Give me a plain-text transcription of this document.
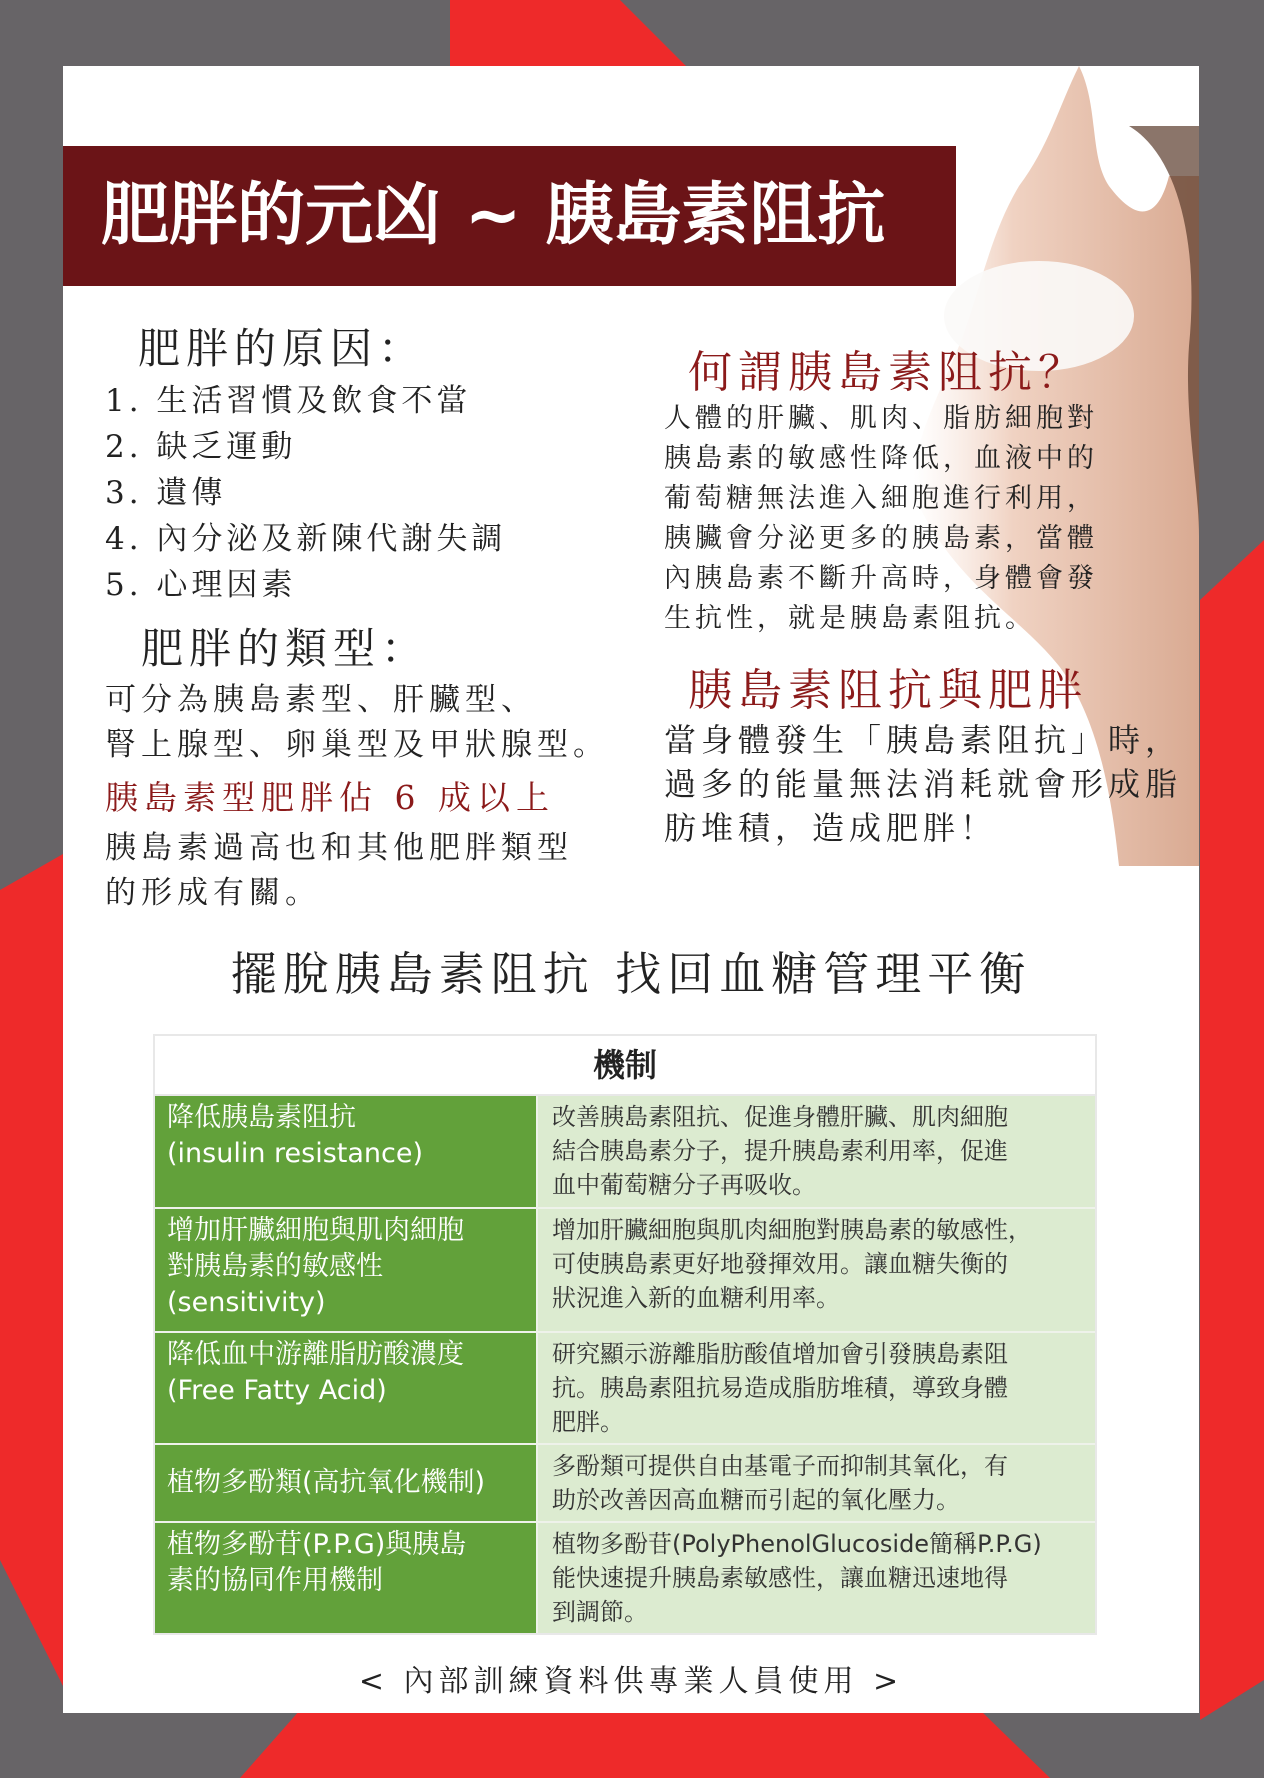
肥胖的元凶 ~ 胰島素阻抗
肥胖的原因：
1. 生活習慣及飲食不當
2. 缺乏運動
3. 遺傳
4. 內分泌及新陳代謝失調
5. 心理因素
肥胖的類型：
可分為胰島素型、肝臟型、
腎上腺型、卵巢型及甲狀腺型。
胰島素型肥胖佔 6 成以上
胰島素過高也和其他肥胖類型
的形成有關。
何謂胰島素阻抗？
人體的肝臟、肌肉、脂肪細胞對
胰島素的敏感性降低，血液中的
葡萄糖無法進入細胞進行利用，
胰臟會分泌更多的胰島素，當體
內胰島素不斷升高時，身體會發
生抗性，就是胰島素阻抗。
胰島素阻抗與肥胖
當身體發生「胰島素阻抗」時，
過多的能量無法消耗就會形成脂
肪堆積，造成肥胖！
擺脫胰島素阻抗 找回血糖管理平衡
機制
降低胰島素阻抗
(insulin resistance)
改善胰島素阻抗、促進身體肝臟、肌肉細胞
結合胰島素分子，提升胰島素利用率，促進
血中葡萄糖分子再吸收。
增加肝臟細胞與肌肉細胞
對胰島素的敏感性
(sensitivity)
增加肝臟細胞與肌肉細胞對胰島素的敏感性，
可使胰島素更好地發揮效用。讓血糖失衡的
狀況進入新的血糖利用率。
降低血中游離脂肪酸濃度
(Free Fatty Acid)
研究顯示游離脂肪酸值增加會引發胰島素阻
抗。胰島素阻抗易造成脂肪堆積，導致身體
肥胖。
植物多酚類(高抗氧化機制)
多酚類可提供自由基電子而抑制其氧化，有
助於改善因高血糖而引起的氧化壓力。
植物多酚苷(P.P.G)與胰島
素的協同作用機制
植物多酚苷(PolyPhenolGlucoside簡稱P.P.G)
能快速提升胰島素敏感性，讓血糖迅速地得
到調節。
< 內部訓練資料供專業人員使用 >
